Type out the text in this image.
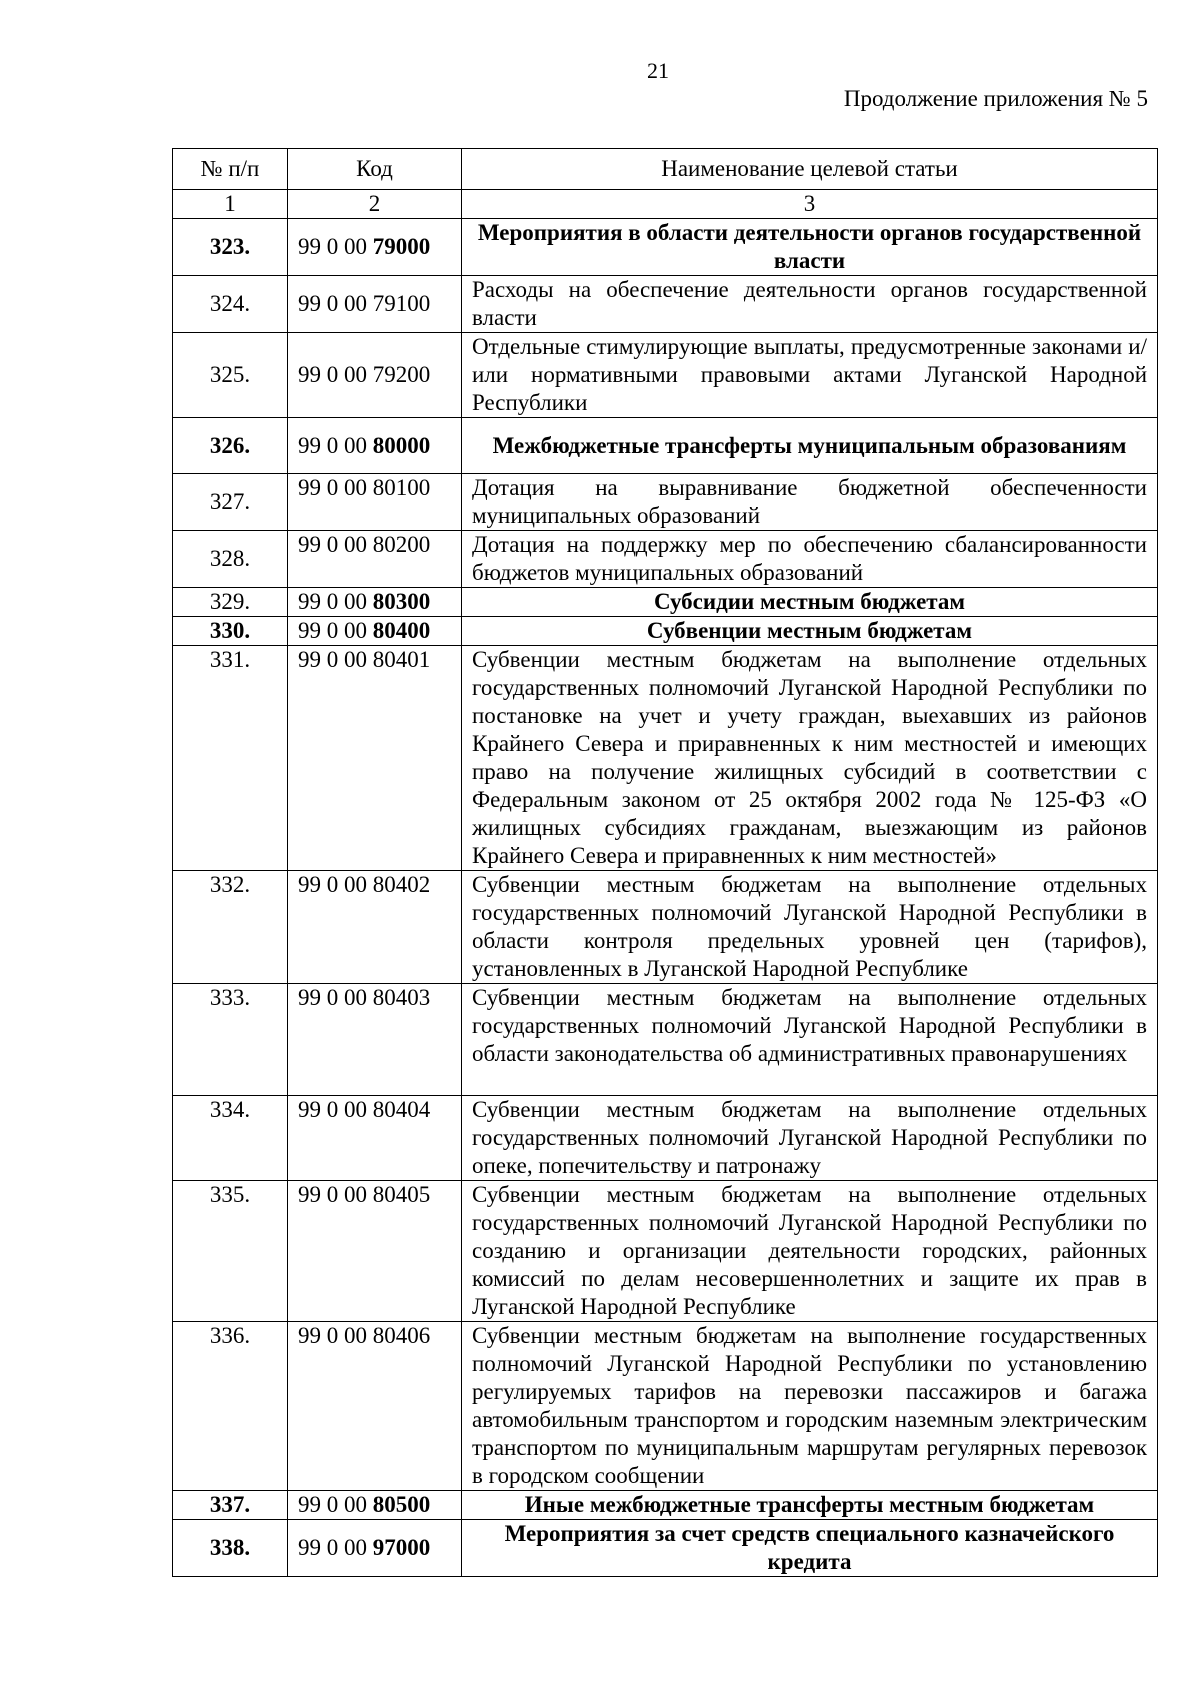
21
Продолжение приложения № 5
№ п/п	Код	Наименование целевой статьи
1	2	3
323.	99 0 00 79000	Мероприятия в области деятельности органов государственной власти
324.	99 0 00 79100	Расходы на обеспечение деятельности органов государственной власти
325.	99 0 00 79200	Отдельные стимулирующие выплаты, предусмотренные законами и/или нормативными правовыми актами Луганской Народной Республики
326.	99 0 00 80000	Межбюджетные трансферты муниципальным образованиям
327.	99 0 00 80100	Дотация на выравнивание бюджетной обеспеченности муниципальных образований
328.	99 0 00 80200	Дотация на поддержку мер по обеспечению сбалансированности бюджетов муниципальных образований
329.	99 0 00 80300	Субсидии местным бюджетам
330.	99 0 00 80400	Субвенции местным бюджетам
331.	99 0 00 80401	Субвенции местным бюджетам на выполнение отдельных государственных полномочий Луганской Народной Республики по постановке на учет и учету граждан, выехавших из районов Крайнего Севера и приравненных к ним местностей и имеющих право на получение жилищных субсидий в соответствии с Федеральным законом от 25 октября 2002 года № 125-ФЗ «О жилищных субсидиях гражданам, выезжающим из районов Крайнего Севера и приравненных к ним местностей»
332.	99 0 00 80402	Субвенции местным бюджетам на выполнение отдельных государственных полномочий Луганской Народной Республики в области контроля предельных уровней цен (тарифов), установленных в Луганской Народной Республике
333.	99 0 00 80403	Субвенции местным бюджетам на выполнение отдельных государственных полномочий Луганской Народной Республики в области законодательства об административных правонарушениях
334.	99 0 00 80404	Субвенции местным бюджетам на выполнение отдельных государственных полномочий Луганской Народной Республики по опеке, попечительству и патронажу
335.	99 0 00 80405	Субвенции местным бюджетам на выполнение отдельных государственных полномочий Луганской Народной Республики по созданию и организации деятельности городских, районных комиссий по делам несовершеннолетних и защите их прав в Луганской Народной Республике
336.	99 0 00 80406	Субвенции местным бюджетам на выполнение государственных полномочий Луганской Народной Республики по установлению регулируемых тарифов на перевозки пассажиров и багажа автомобильным транспортом и городским наземным электрическим транспортом по муниципальным маршрутам регулярных перевозок в городском сообщении
337.	99 0 00 80500	Иные межбюджетные трансферты местным бюджетам
338.	99 0 00 97000	Мероприятия за счет средств специального казначейского кредита
